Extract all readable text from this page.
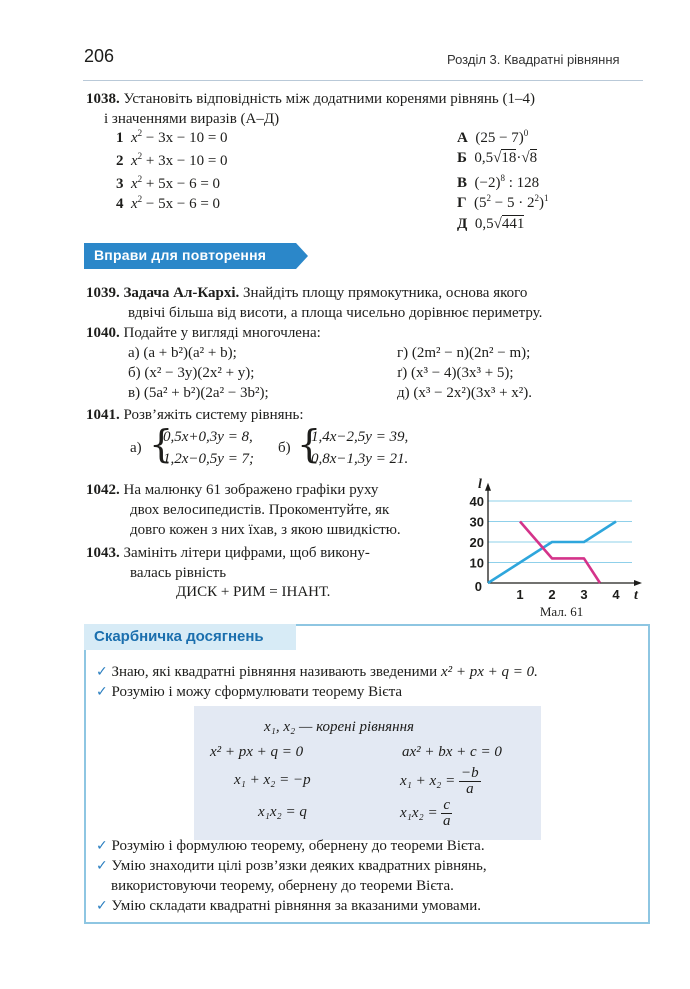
206	Розділ 3. Квадратні рівняння
1038. Установіть відповідність між додатними коренями рівнянь (1–4)
і значеннями виразів (А–Д)
1 $x^2 - 3x - 10 = 0$
2 $x^2 + 3x - 10 = 0$
3 $x^2 + 5x - 6 = 0$
4 $x^2 - 5x - 6 = 0$
А $(25 - 7)^0$
Б 0,5√18·√8
В $(-2)^8$ : 128
Г $(5^2 - 5 \cdot 2^2)^1$
Д 0,5√441
Вправи для повторення
1039. Задача Ал-Кархі. Знайдіть площу прямокутника, основа якого
вдвічі більша від висоти, а площа чисельно дорівнює периметру.
1040. Подайте у вигляді многочлена:
а) (a + b²)(a² + b);
б) (x² − 3y)(2x² + y);
в) (5a² + b²)(2a² − 3b²);
г) (2m² − n)(2n² − m);
ґ) (x³ − 4)(3x³ + 5);
д) (x³ − 2x²)(3x³ + x²).
1041. Розв’яжіть систему рівнянь:
а) {
0,5x+0,3y = 8,
1,2x−0,5y = 7;
б) {
1,4x−2,5y = 39,
0,8x−1,3y = 21.
1042. На малюнку 61 зображено графіки руху
двох велосипедистів. Прокоментуйте, як
довго кожен з них їхав, з якою швидкістю.
1043. Замініть літери цифрами, щоб викону-
валась рівність
ДИСК + РИМ = ІНАНТ.
10
20
30
40
1 2 3 4
0
l
t
Мал. 61
Скарбничка досягнень
✓ Знаю, які квадратні рівняння називають зведеними x² + px + q = 0.
✓ Розумію і можу сформулювати теорему Вієта
x₁, x₂ — корені рівняння
x² + px + q = 0	ax² + bx + c = 0
x₁ + x₂ = −p	$x_1 + x_2 = \frac{-b}{a}$
x₁x₂ = q	$x_1x_2 = \frac{c}{a}$
✓ Розумію і формулюю теорему, обернену до теореми Вієта.
✓ Умію знаходити цілі розв’язки деяких квадратних рівнянь,
використовуючи теорему, обернену до теореми Вієта.
✓ Умію складати квадратні рівняння за вказаними умовами.
